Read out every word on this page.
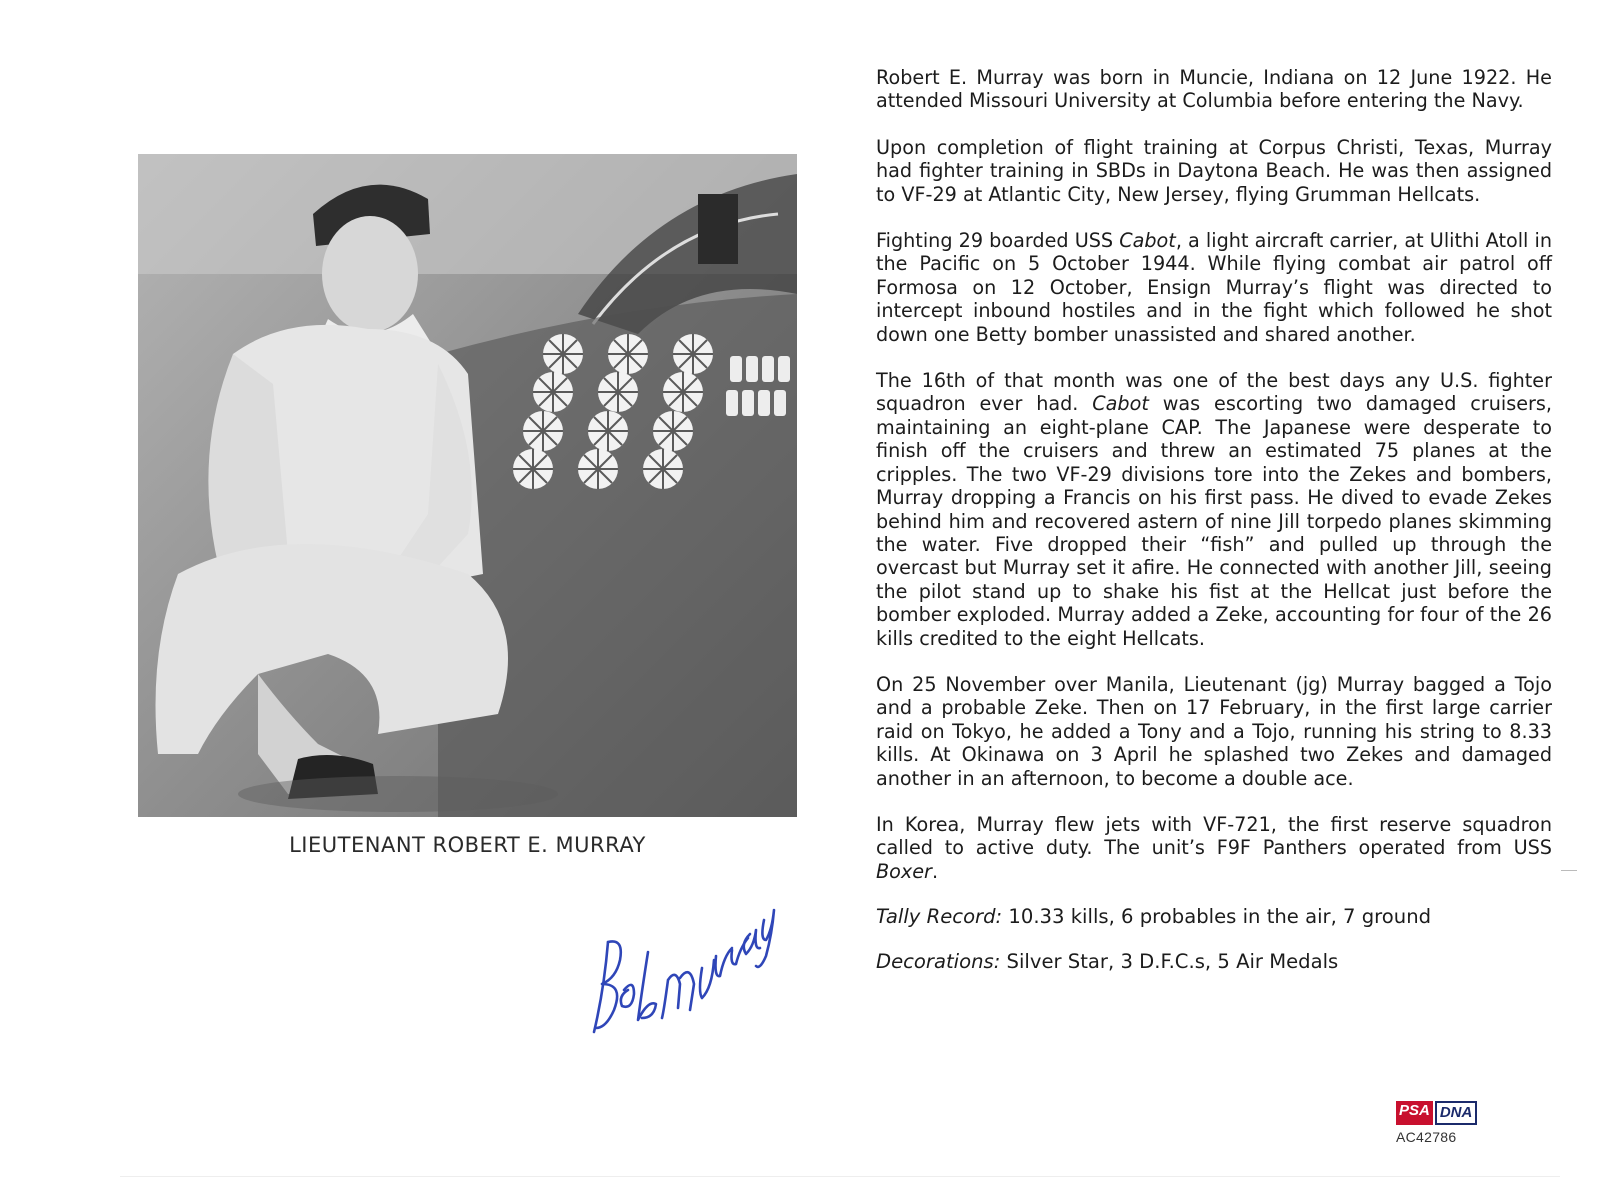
LIEUTENANT ROBERT E. MURRAY

Robert E. Murray was born in Muncie, Indiana on 12 June 1922. He attended Missouri University at Columbia before entering the Navy.

Upon completion of flight training at Corpus Christi, Texas, Murray had fighter training in SBDs in Daytona Beach. He was then assigned to VF-29 at Atlantic City, New Jersey, flying Grumman Hellcats.

Fighting 29 boarded USS Cabot, a light aircraft carrier, at Ulithi Atoll in the Pacific on 5 October 1944. While flying combat air patrol off Formosa on 12 October, Ensign Murray’s flight was directed to intercept inbound hostiles and in the fight which followed he shot down one Betty bomber unassisted and shared another.

The 16th of that month was one of the best days any U.S. fighter squadron ever had. Cabot was escorting two damaged cruisers, maintaining an eight-plane CAP. The Japanese were desperate to finish off the cruisers and threw an estimated 75 planes at the cripples. The two VF-29 divisions tore into the Zekes and bombers, Murray dropping a Francis on his first pass. He dived to evade Zekes behind him and recovered astern of nine Jill torpedo planes skimming the water. Five dropped their “fish” and pulled up through the overcast but Murray set it afire. He connected with another Jill, seeing the pilot stand up to shake his fist at the Hellcat just before the bomber exploded. Murray added a Zeke, accounting for four of the 26 kills credited to the eight Hellcats.

On 25 November over Manila, Lieutenant (jg) Murray bagged a Tojo and a probable Zeke. Then on 17 February, in the first large carrier raid on Tokyo, he added a Tony and a Tojo, running his string to 8.33 kills. At Okinawa on 3 April he splashed two Zekes and damaged another in an afternoon, to become a double ace.

In Korea, Murray flew jets with VF-721, the first reserve squadron called to active duty. The unit’s F9F Panthers operated from USS Boxer.

Tally Record: 10.33 kills, 6 probables in the air, 7 ground
Decorations: Silver Star, 3 D.F.C.s, 5 Air Medals
PSA DNA
AC42786
